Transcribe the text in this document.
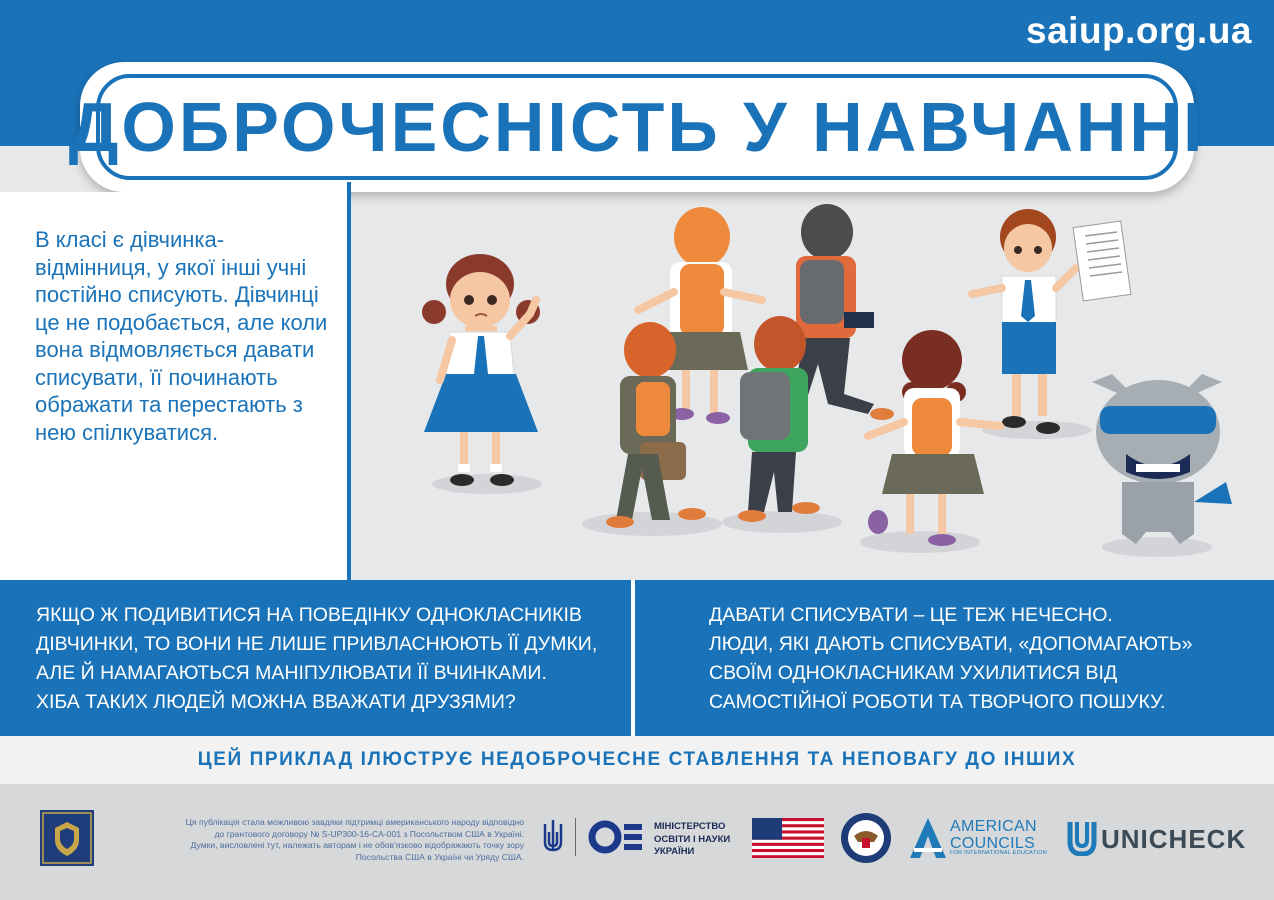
saiup.org.ua
ДОБРОЧЕСНІСТЬ У НАВЧАННІ
В класі є дівчинка-відмінниця, у якої інші учні постійно списують. Дівчинці це не подобається, але коли вона відмовляється давати списувати, її починають ображати та перестають з нею спілкуватися.
ЯКЩО Ж ПОДИВИТИСЯ НА ПОВЕДІНКУ ОДНОКЛАСНИКІВ
ДІВЧИНКИ, ТО ВОНИ НЕ ЛИШЕ ПРИВЛАСНЮЮТЬ ЇЇ ДУМКИ,
АЛЕ Й НАМАГАЮТЬСЯ МАНІПУЛЮВАТИ ЇЇ ВЧИНКАМИ.
ХІБА ТАКИХ ЛЮДЕЙ МОЖНА ВВАЖАТИ ДРУЗЯМИ?
ДАВАТИ СПИСУВАТИ – ЦЕ ТЕЖ НЕЧЕСНО.
ЛЮДИ, ЯКІ ДАЮТЬ СПИСУВАТИ, «ДОПОМАГАЮТЬ»
СВОЇМ ОДНОКЛАСНИКАМ УХИЛИТИСЯ ВІД
САМОСТІЙНОЇ РОБОТИ ТА ТВОРЧОГО ПОШУКУ.
ЦЕЙ ПРИКЛАД ІЛЮСТРУЄ НЕДОБРОЧЕСНЕ СТАВЛЕННЯ ТА НЕПОВАГУ ДО ІНШИХ
Ця публікація стала можливою завдяки підтримці американського народу відповідно
до грантового договору № S-UP300-16-CA-001 з Посольством США в Україні.
Думки, висловлені тут, належать авторам і не обов'язково відображають точку зору
Посольства США в Україні чи Уряду США.
МІНІСТЕРСТВО
ОСВІТИ І НАУКИ
УКРАЇНИ
AMERICAN
COUNCILS
FOR INTERNATIONAL EDUCATION UNICHECK
